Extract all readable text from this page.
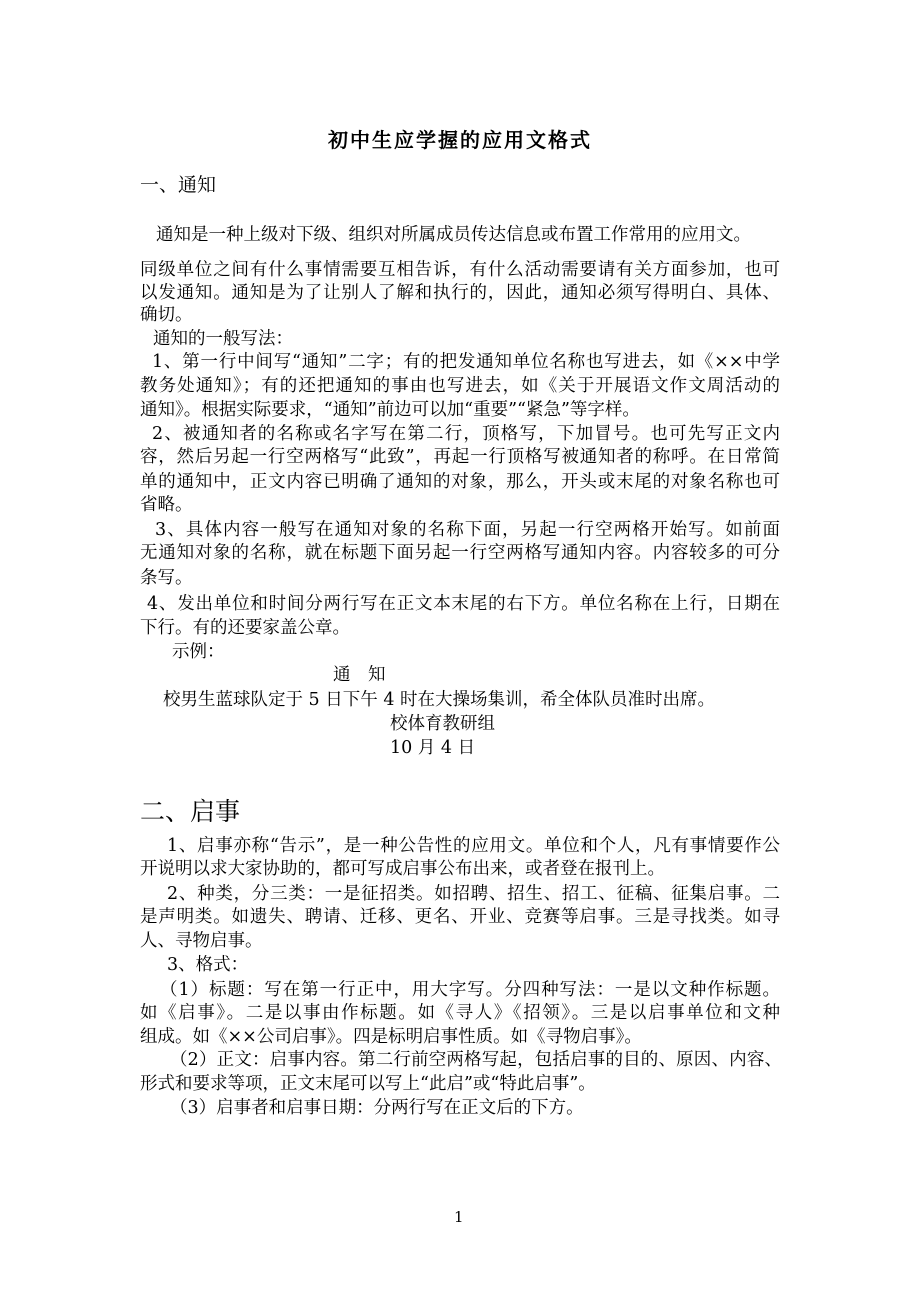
初中生应学握的应用文格式
一、通知
通知是一种上级对下级、组织对所属成员传达信息或布置工作常用的应用文。
同级单位之间有什么事情需要互相告诉，有什么活动需要请有关方面参加，也可
以发通知。通知是为了让别人了解和执行的，因此，通知必须写得明白、具体、
确切。
通知的一般写法：
1、第一行中间写“通知”二字；有的把发通知单位名称也写进去，如《××中学
教务处通知》；有的还把通知的事由也写进去，如《关于开展语文作文周活动的
通知》。根据实际要求，“通知”前边可以加“重要”“紧急”等字样。
2、被通知者的名称或名字写在第二行，顶格写，下加冒号。也可先写正文内
容，然后另起一行空两格写“此致”，再起一行顶格写被通知者的称呼。在日常简
单的通知中，正文内容已明确了通知的对象，那么，开头或末尾的对象名称也可
省略。
3、具体内容一般写在通知对象的名称下面，另起一行空两格开始写。如前面
无通知对象的名称，就在标题下面另起一行空两格写通知内容。内容较多的可分
条写。
4、发出单位和时间分两行写在正文本末尾的右下方。单位名称在上行，日期在
下行。有的还要家盖公章。
示例：
通　知
校男生蓝球队定于 5 日下午 4 时在大操场集训，希全体队员准时出席。
校体育教研组
10 月 4 日
二、启事
1、启事亦称“告示”，是一种公告性的应用文。单位和个人，凡有事情要作公
开说明以求大家协助的，都可写成启事公布出来，或者登在报刊上。
2、种类，分三类：一是征招类。如招聘、招生、招工、征稿、征集启事。二
是声明类。如遗失、聘请、迁移、更名、开业、竞赛等启事。三是寻找类。如寻
人、寻物启事。
3、格式：
（1）标题：写在第一行正中，用大字写。分四种写法：一是以文种作标题。
如《启事》。二是以事由作标题。如《寻人》《招领》。三是以启事单位和文种
组成。如《××公司启事》。四是标明启事性质。如《寻物启事》。
（2）正文：启事内容。第二行前空两格写起，包括启事的目的、原因、内容、
形式和要求等项，正文末尾可以写上“此启”或“特此启事”。
（3）启事者和启事日期：分两行写在正文后的下方。
1
